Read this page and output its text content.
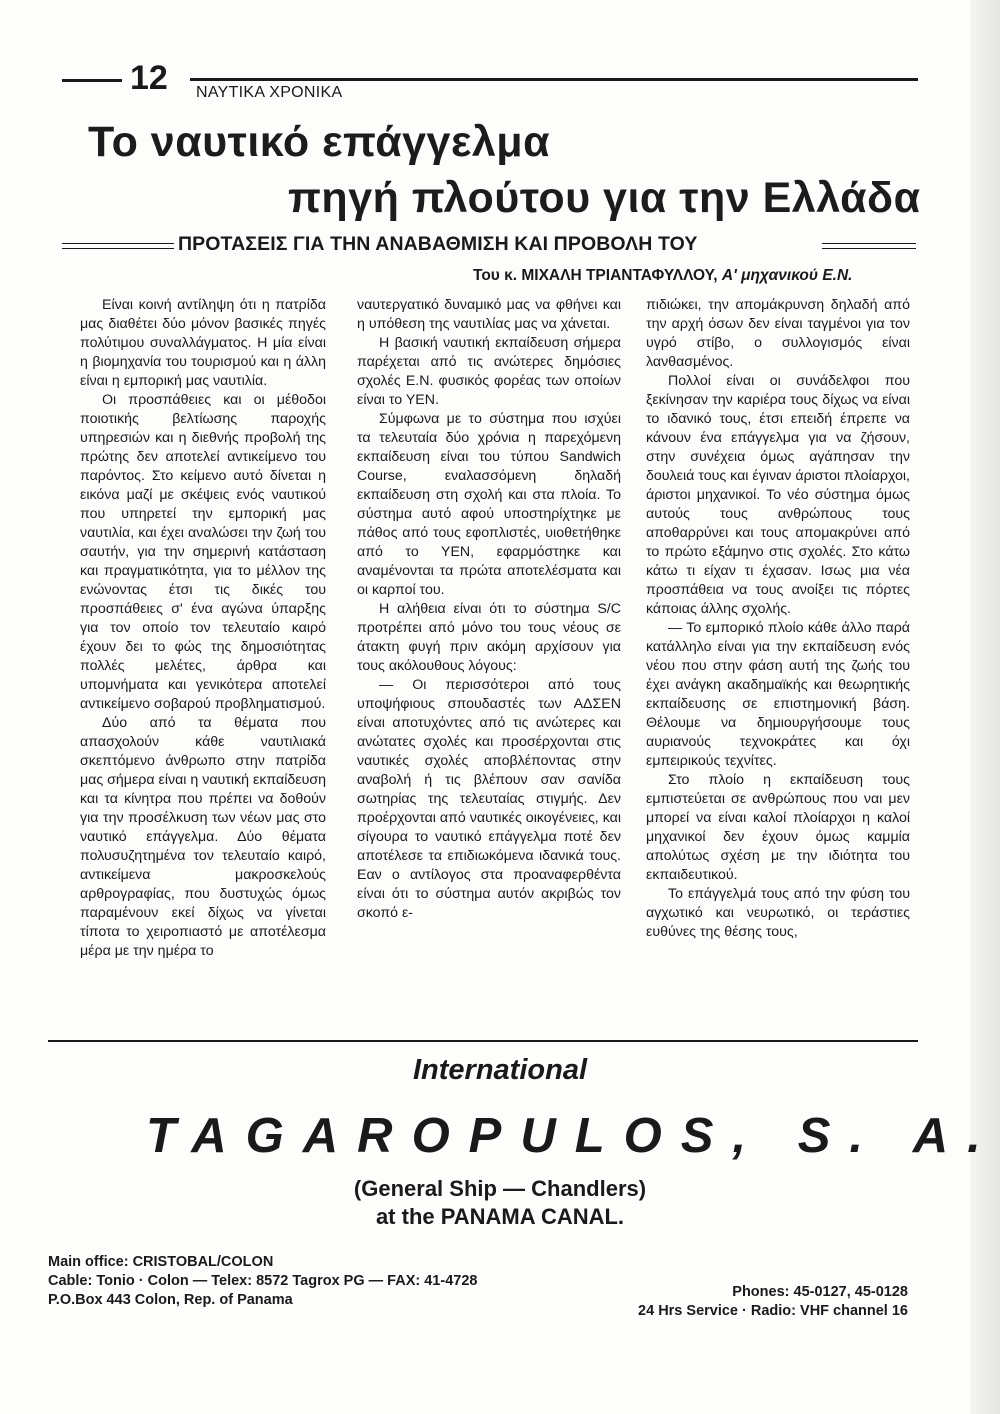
12 ΝΑΥΤΙΚΑ ΧΡΟΝΙΚΑ
Το ναυτικό επάγγελμα
πηγή πλούτου για την Ελλάδα
ΠΡΟΤΑΣΕΙΣ ΓΙΑ ΤΗΝ ΑΝΑΒΑΘΜΙΣΗ ΚΑΙ ΠΡΟΒΟΛΗ ΤΟΥ
Του κ. ΜΙΧΑΛΗ ΤΡΙΑΝΤΑΦΥΛΛΟΥ, Α' μηχανικού Ε.Ν.

Είναι κοινή αντίληψη ότι η πατρίδα μας διαθέτει δύο μόνον βασικές πηγές πολύτιμου συναλλάγματος. Η μία είναι η βιομηχανία του τουρισμού και η άλλη είναι η εμπορική μας ναυτιλία.

Οι προσπάθειες και οι μέθοδοι ποιοτικής βελτίωσης παροχής υπηρεσιών και η διεθνής προβολή της πρώτης δεν αποτελεί αντικείμενο του παρόντος. Στο κείμενο αυτό δίνεται η εικόνα μαζί με σκέψεις ενός ναυτικού που υπηρετεί την εμπορική μας ναυτιλία, και έχει αναλώσει την ζωή του σαυτήν, για την σημερινή κατάσταση και πραγματικότητα, για το μέλλον της ενώνοντας έτσι τις δικές του προσπάθειες σ' ένα αγώνα ύπαρξης για τον οποίο τον τελευταίο καιρό έχουν δει το φώς της δημοσιότητας πολλές μελέτες, άρθρα και υπομνήματα και γενικότερα αποτελεί αντικείμενο σοβαρού προβληματισμού.

Δύο από τα θέματα που απασχολούν κάθε ναυτιλιακά σκεπτόμενο άνθρωπο στην πατρίδα μας σήμερα είναι η ναυτική εκπαίδευση και τα κίνητρα που πρέπει να δοθούν για την προσέλκυση των νέων μας στο ναυτικό επάγγελμα. Δύο θέματα πολυσυζητημένα τον τελευταίο καιρό, αντικείμενα μακροσκελούς αρθρογραφίας, που δυστυχώς όμως παραμένουν εκεί δίχως να γίνεται τίποτα το χειροπιαστό με αποτέλεσμα μέρα με την ημέρα το

ναυτεργατικό δυναμικό μας να φθήνει και η υπόθεση της ναυτιλίας μας να χάνεται.

Η βασική ναυτική εκπαίδευση σήμερα παρέχεται από τις ανώτερες δημόσιες σχολές Ε.Ν. φυσικός φορέας των οποίων είναι το ΥΕΝ.

Σύμφωνα με το σύστημα που ισχύει τα τελευταία δύο χρόνια η παρεχόμενη εκπαίδευση είναι του τύπου Sandwich Course, εναλασσόμενη δηλαδή εκπαίδευση στη σχολή και στα πλοία. Το σύστημα αυτό αφού υποστηρίχτηκε με πάθος από τους εφοπλιστές, υιοθετήθηκε από το ΥΕΝ, εφαρμόστηκε και αναμένονται τα πρώτα αποτελέσματα και οι καρποί του.

Η αλήθεια είναι ότι το σύστημα S/C προτρέπει από μόνο του τους νέους σε άτακτη φυγή πριν ακόμη αρχίσουν για τους ακόλουθους λόγους:

— Οι περισσότεροι από τους υποψήφιους σπουδαστές των ΑΔΣΕΝ είναι αποτυχόντες από τις ανώτερες και ανώτατες σχολές και προσέρχονται στις ναυτικές σχολές αποβλέποντας στην αναβολή ή τις βλέπουν σαν σανίδα σωτηρίας της τελευταίας στιγμής. Δεν προέρχονται από ναυτικές οικογένειες, και σίγουρα το ναυτικό επάγγελμα ποτέ δεν αποτέλεσε τα επιδιωκόμενα ιδανικά τους. Εαν ο αντίλογος στα προαναφερθέντα είναι ότι το σύστημα αυτόν ακριβώς τον σκοπό ε-

πιδιώκει, την απομάκρυνση δηλαδή από την αρχή όσων δεν είναι ταγμένοι για τον υγρό στίβο, ο συλλογισμός είναι λανθασμένος.

Πολλοί είναι οι συνάδελφοι που ξεκίνησαν την καριέρα τους δίχως να είναι το ιδανικό τους, έτσι επειδή έπρεπε να κάνουν ένα επάγγελμα για να ζήσουν, στην συνέχεια όμως αγάπησαν την δουλειά τους και έγιναν άριστοι πλοίαρχοι, άριστοι μηχανικοί. Το νέο σύστημα όμως αυτούς τους ανθρώπους τους αποθαρρύνει και τους απομακρύνει από το πρώτο εξάμηνο στις σχολές. Στο κάτω κάτω τι είχαν τι έχασαν. Ισως μια νέα προσπάθεια να τους ανοίξει τις πόρτες κάποιας άλλης σχολής.

— Το εμπορικό πλοίο κάθε άλλο παρά κατάλληλο είναι για την εκπαίδευση ενός νέου που στην φάση αυτή της ζωής του έχει ανάγκη ακαδημαϊκής και θεωρητικής εκπαίδευσης σε επιστημονική βάση. Θέλουμε να δημιουργήσουμε τους αυριανούς τεχνοκράτες και όχι εμπειρικούς τεχνίτες.

Στο πλοίο η εκπαίδευση τους εμπιστεύεται σε ανθρώπους που ναι μεν μπορεί να είναι καλοί πλοίαρχοι η καλοί μηχανικοί δεν έχουν όμως καμμία απολύτως σχέση με την ιδιότητα του εκπαιδευτικού.

Το επάγγελμά τους από την φύση του αγχωτικό και νευρωτικό, οι τεράστιες ευθύνες της θέσης τους,

International
TAGAROPULOS, S. A.
(General Ship — Chandlers)
at the PANAMA CANAL.
Main office: CRISTOBAL/COLON
Cable: Tonio · Colon — Telex: 8572 Tagrox PG — FAX: 41-4728
P.O.Box 443 Colon, Rep. of Panama	Phones: 45-0127, 45-0128
24 Hrs Service · Radio: VHF channel 16
